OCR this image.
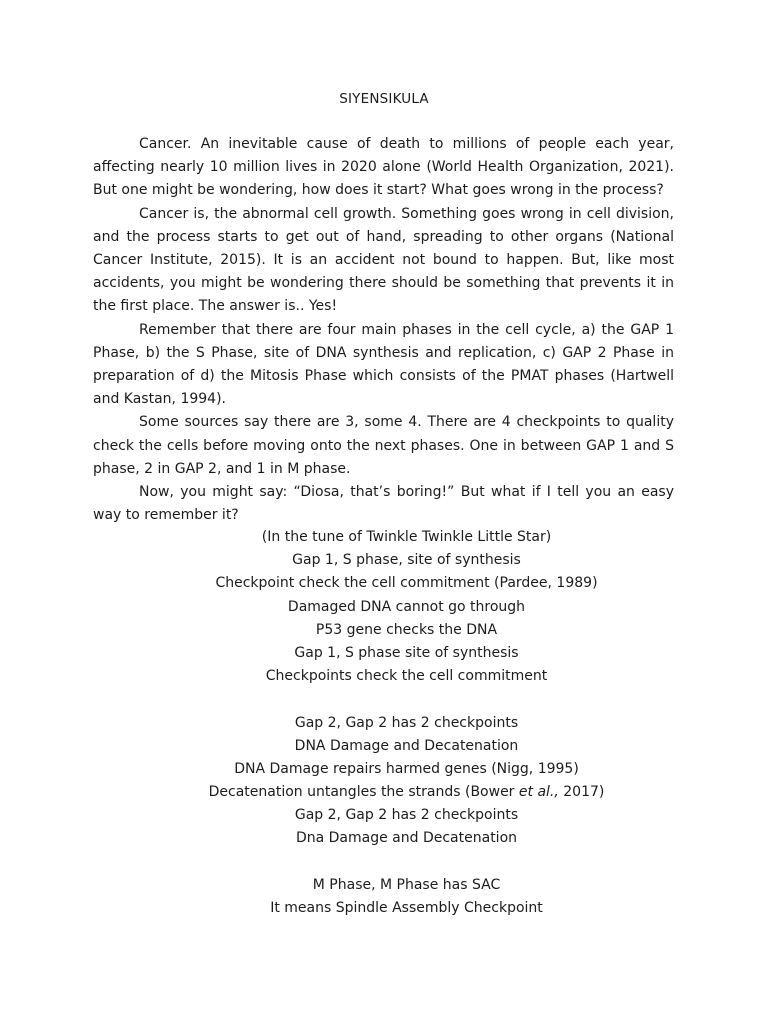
SIYENSIKULA

Cancer. An inevitable cause of death to millions of people each year, affecting nearly 10 million lives in 2020 alone (World Health Organization, 2021). But one might be wondering, how does it start? What goes wrong in the process?

Cancer is, the abnormal cell growth. Something goes wrong in cell division, and the process starts to get out of hand, spreading to other organs (National Cancer Institute, 2015). It is an accident not bound to happen. But, like most accidents, you might be wondering there should be something that prevents it in the first place. The answer is.. Yes!

Remember that there are four main phases in the cell cycle, a) the GAP 1 Phase, b) the S Phase, site of DNA synthesis and replication, c) GAP 2 Phase in preparation of d) the Mitosis Phase which consists of the PMAT phases (Hartwell and Kastan, 1994).

Some sources say there are 3, some 4. There are 4 checkpoints to quality check the cells before moving onto the next phases. One in between GAP 1 and S phase, 2 in GAP 2, and 1 in M phase.

Now, you might say: “Diosa, that’s boring!” But what if I tell you an easy way to remember it?

(In the tune of Twinkle Twinkle Little Star)
Gap 1, S phase, site of synthesis
Checkpoint check the cell commitment (Pardee, 1989)
Damaged DNA cannot go through
P53 gene checks the DNA
Gap 1, S phase site of synthesis
Checkpoints check the cell commitment
Gap 2, Gap 2 has 2 checkpoints
DNA Damage and Decatenation
DNA Damage repairs harmed genes (Nigg, 1995)
Decatenation untangles the strands (Bower et al., 2017)
Gap 2, Gap 2 has 2 checkpoints
Dna Damage and Decatenation
M Phase, M Phase has SAC
It means Spindle Assembly Checkpoint
